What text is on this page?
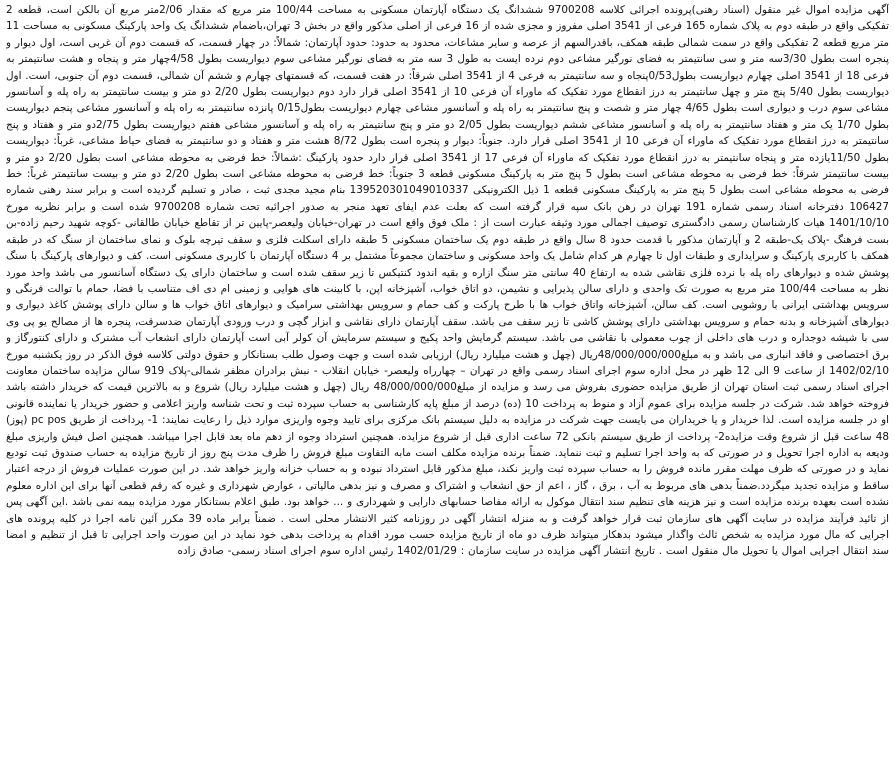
آگهی مزایده اموال غیر منقول (اسناد رهنی)پرونده اجرائی کلاسه 9700208 ششدانگ یک دستگاه آپارتمان مسکونی به مساحت 100/44 متر مربع که مقدار 2/06متر مربع آن بالکن است، قطعه 2 تفکیکی واقع در طبقه دوم به پلاک شماره 165 فرعی از 3541 اصلی مفروز و مجزی شده از 16 فرعی از اصلی مذکور واقع در بخش 3 تهران،باضمام ششدانگ یک واحد پارکینگ مسکونی به مساحت 11 متر مربع قطعه 2 تفکیکی واقع در سمت شمالی طبقه همکف، باقدرالسهم از عرصه و سایر مشاعات، محدود به حدود: حدود آپارتمان: شمالاً: در چهار قسمت، که قسمت دوم آن غربی است، اول دیوار و پنجره است بطول 3/30سه متر و سی سانتیمتر به فضای نورگیر مشاعی دوم نرده ایست به طول 3 سه متر به فضای نورگیر مشاعی سوم دیواریست بطول 4/58چهار متر و پنجاه و هشت سانتیمتر به فرعی 18 از 3541 اصلی چهارم دیواریست بطول0/53پنجاه و سه سانتیمتر به فرعی 4 از 3541 اصلی شرقاً: در هفت قسمت، که قسمتهای چهارم و ششم آن شمالی، قسمت دوم آن جنوبی، است. اول دیواریست بطول 5/40 پنج متر و چهل سانتیمتر به درز انقطاع مورد تفکیک که ماوراء آن فرعی 10 از 3541 اصلی قرار دارد دوم دیواریست بطول 2/20 دو متر و بیست سانتیمتر به راه پله و آسانسور مشاعی سوم درب و دیواری است بطول 4/65 چهار متر و شصت و پنج سانتیمتر به راه پله و آسانسور مشاعی چهارم دیواریست بطول0/15 پانزده سانتیمتر به راه پله و آسانسور مشاعی پنجم دیواریست بطول 1/70 یک متر و هفتاد سانتیمتر به راه پله و آسانسور مشاعی ششم دیواریست بطول 2/05 دو متر و پنج سانتیمتر به راه پله و آسانسور مشاعی هفتم دیواریست بطول 2/75دو متر و هفتاد و پنج سانتیمتر به درز انقطاع مورد تفکیک که ماوراء آن فرعی 10 از 3541 اصلی قرار دارد. جنوباً: دیوار و پنجره است بطول 8/72 هشت متر و هفتاد و دو سانتیمتر به فضای حیاط مشاعی، غرباً: دیواریست بطول 11/50یازده متر و پنجاه سانتیمتر به درز انقطاع مورد تفکیک که ماوراء آن فرعی 17 از 3541 اصلی قرار دارد حدود پارکینگ :شمالاً: خط فرضی به محوطه مشاعی است بطول 2/20 دو متر و بیست سانتیمتر شرقاً: خط فرضی به محوطه مشاعی است بطول 5 پنج متر به پارکینگ مسکونی قطعه 3 جنوباً: خط فرضی به محوطه مشاعی است بطول 2/20 دو متر و بیست سانتیمتر غرباً: خط فرضی به محوطه مشاعی است بطول 5 پنج متر به پارکینگ مسکونی قطعه 1 ذیل الکترونیکی 139520301049010337 بنام مجید مجدی ثبت ، صادر و تسلیم گردیده است و برابر سند رهنی شماره 106427 دفترخانه اسناد رسمی شماره 191 تهران در رهن بانک سپه قرار گرفته است که بعلت عدم ایفای تعهد منجر به صدور اجرائیه تحت شماره 9700208 شده است و برابر نظریه مورخ 1401/10/10 هیات کارشناسان رسمی دادگستری توصیف اجمالی مورد وثیقه عبارت است از : ملک فوق واقع است در تهران-خیابان ولیعصر-پایین تر از تقاطع خیابان طالقانی -کوچه شهید رحیم زاده-بن بست فرهنگ -پلاک یک-طبقه 2 و آپارتمان مذکور با قدمت حدود 8 سال واقع در طبقه دوم یک ساختمان مسکونی 5 طبقه دارای اسکلت فلزی و سقف تیرچه بلوک و نمای ساختمان از سنگ که در طبقه همکف با کاربری پارکینگ و سرایداری و طبقات اول تا چهارم هر کدام شامل یک واحد مسکونی و ساختمان مجموعاً مشتمل بر 4 دستگاه آپارتمان با کاربری مسکونی است. کف و دیوارهای پارکینگ با سنگ پوشش شده و دیوارهای راه پله با نرده فلزی نقاشی شده به ارتفاع 40 سانتی متر سنگ ازاره و بقیه اندود کنتیکس تا زیر سقف شده است و ساختمان دارای یک دستگاه آسانسور می باشد واحد مورد نظر به مساحت 100/44 متر مربع به صورت تک واحدی و دارای سالن پذیرایی و نشیمن، دو اتاق خواب، آشپزخانه اپن، با کابینت های هوایی و زمینی ام دی اف متناسب با فضا، حمام با توالت فرنگی و سرویس بهداشتی ایرانی با روشویی است. کف سالن، آشپزخانه واتاق خواب ها با طرح پارکت و کف حمام و سرویس بهداشتی سرامیک و دیوارهای اتاق خواب ها و سالن دارای پوشش کاغذ دیواری و دیوارهای آشپزخانه و بدنه حمام و سرویس بهداشتی دارای پوشش کاشی تا زیر سقف می باشد. سقف آپارتمان دارای نقاشی و ابزار گچی و درب ورودی آپارتمان ضدسرقت، پنجره ها از مصالح یو پی وی سی با شیشه دوجداره و درب های داخلی از چوب معمولی با نقاشی می باشد. سیستم گرمایش واحد پکیج و سیستم سرمایش آن کولر آبی است آپارتمان دارای انشعاب آب مشترک و دارای کنتورگاز و برق اختصاصی و فاقد انباری می باشد و به مبلغ48/000/000/000ریال (چهل و هشت میلیارد ریال) ارزیابی شده است و جهت وصول طلب بستانکار و حقوق دولتی کلاسه فوق الذکر در روز یکشنبه مورخ 1402/02/10 از ساعت 9 الی 12 ظهر در محل اداره سوم اجرای اسناد رسمی واقع در تهران – چهارراه ولیعصر- خیابان انقلاب - نبش برادران مظفر شمالی-پلاک 919 سالن مزایده ساختمان معاونت اجرای اسناد رسمی ثبت استان تهران از طریق مزایده حضوری بفروش می رسد و مزایده از مبلغ48/000/000/000 ریال (چهل و هشت میلیارد ریال) شروع و به بالاترین قیمت که خریدار داشته باشد فروخته خواهد شد. شرکت در جلسه مزایده برای عموم آزاد و منوط به پرداخت 10 (ده) درصد از مبلغ پایه کارشناسی به حساب سپرده ثبت و تحت شناسه واریز اعلامی و حضور خریدار یا نماینده قانونی او در جلسه مزایده است. لذا خریدار و یا خریداران می بایست جهت شرکت در مزایده به دلیل سیستم بانک مرکزی برای تایید وجوه واریزی موارد ذیل را رعایت نمایند: 1- پرداخت از طریق pc pos (پوز) 48 ساعت قبل از شروع وقت مزایده2- پرداخت از طریق سیستم بانکی 72 ساعت اداری قبل از شروع مزایده. همچنین استرداد وجوه از دهم ماه بعد قابل اجرا میباشد. همچنین اصل فیش واریزی مبلغ ودیعه به اداره اجرا تحویل و در صورتی که به واحد اجرا تسلیم و ثبت ننماید. ضمناً برنده مزایده مکلف است مابه التفاوت مبلغ فروش را ظرف مدت پنج روز از تاریخ مزایده به حساب صندوق ثبت تودیع نماید و در صورتی که ظرف مهلت مقرر مانده فروش را به حساب سپرده ثبت واریز نکند، مبلغ مذکور قابل استرداد نبوده و به حساب خزانه واریز خواهد شد. در این صورت عملیات فروش از درجه اعتبار ساقط و مزایده تجدید میگردد.ضمناً بدهی های مربوط به آب ، برق ، گاز ، اعم از حق انشعاب و اشتراک و مصرف و نیز بدهی مالیاتی ، عوارض شهرداری و غیره که رقم قطعی آنها برای این اداره معلوم نشده است بعهده برنده مزایده است و نیز هزینه های تنظیم سند انتقال موکول به ارائه مفاصا حسابهای دارایی و شهرداری و ... خواهد بود. طبق اعلام بستانکار مورد مزایده بیمه نمی باشد .این آگهی پس از تائید فرآیند مزایده در سایت آگهی های سازمان ثبت قرار خواهد گرفت و به منزله انتشار آگهی در روزنامه کثیر الانتشار محلی است . ضمناً برابر ماده 39 مکرر آئین نامه اجرا در کلیه پرونده های اجرایی که مال مورد مزایده به شخص ثالث واگذار میشود بدهکار میتواند ظرف دو ماه از تاریخ مزایده حسب مورد اقدام به پرداخت بدهی خود نماید در این صورت واحد اجرایی تا قبل از تنظیم و امضا سند انتقال اجرایی اموال یا تحویل مال منقول است . تاریخ انتشار آگهی مزایده در سایت سازمان : 1402/01/29 رئیس اداره سوم اجرای اسناد رسمی- صادق زاده
